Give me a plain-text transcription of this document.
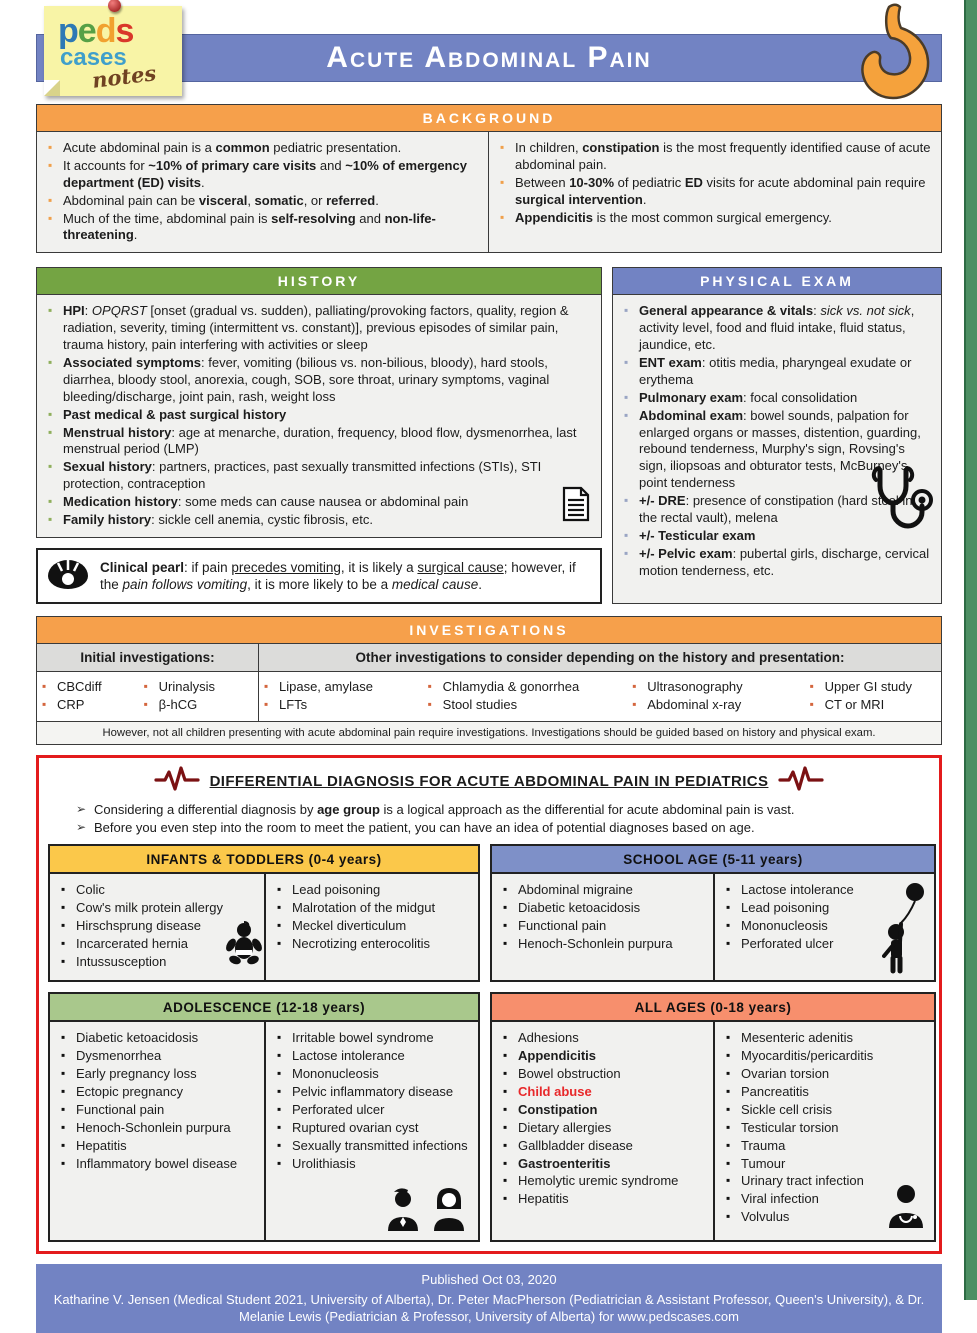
Acute Abdominal Pain
peds
cases
notes
BACKGROUND
▪ Acute abdominal pain is a common pediatric presentation.
▪ It accounts for ~10% of primary care visits and ~10% of emergency department (ED) visits.
▪ Abdominal pain can be visceral, somatic, or referred.
▪ Much of the time, abdominal pain is self-resolving and non-life-threatening.
▪ In children, constipation is the most frequently identified cause of acute abdominal pain.
▪ Between 10-30% of pediatric ED visits for acute abdominal pain require surgical intervention.
▪ Appendicitis is the most common surgical emergency.
HISTORY
▪ HPI: OPQRST [onset (gradual vs. sudden), palliating/provoking factors, quality, region & radiation, severity, timing (intermittent vs. constant)], previous episodes of similar pain, trauma history, pain interfering with activities or sleep
▪ Associated symptoms: fever, vomiting (bilious vs. non-bilious, bloody), hard stools, diarrhea, bloody stool, anorexia, cough, SOB, sore throat, urinary symptoms, vaginal bleeding/discharge, joint pain, rash, weight loss
▪ Past medical & past surgical history
▪ Menstrual history: age at menarche, duration, frequency, blood flow, dysmenorrhea, last menstrual period (LMP)
▪ Sexual history: partners, practices, past sexually transmitted infections (STIs), STI protection, contraception
▪ Medication history: some meds can cause nausea or abdominal pain
▪ Family history: sickle cell anemia, cystic fibrosis, etc.
Clinical pearl: if pain precedes vomiting, it is likely a surgical cause; however, if the pain follows vomiting, it is more likely to be a medical cause.
PHYSICAL EXAM
▪ General appearance & vitals: sick vs. not sick, activity level, food and fluid intake, fluid status, jaundice, etc.
▪ ENT exam: otitis media, pharyngeal exudate or erythema
▪ Pulmonary exam: focal consolidation
▪ Abdominal exam: bowel sounds, palpation for enlarged organs or masses, distention, guarding, rebound tenderness, Murphy's sign, Rovsing's sign, iliopsoas and obturator tests, McBurney's point tenderness
▪ +/- DRE: presence of constipation (hard stool in the rectal vault), melena
▪ +/- Testicular exam
▪ +/- Pelvic exam: pubertal girls, discharge, cervical motion tenderness, etc.
INVESTIGATIONS
Initial investigations:	Other investigations to consider depending on the history and presentation:
▪ CBCdiff
▪ CRP
▪ Urinalysis
▪ β-hCG
▪ Lipase, amylase
▪ LFTs
▪ Chlamydia & gonorrhea
▪ Stool studies
▪ Ultrasonography
▪ Abdominal x-ray
▪ Upper GI study
▪ CT or MRI
However, not all children presenting with acute abdominal pain require investigations. Investigations should be guided based on history and physical exam.
DIFFERENTIAL DIAGNOSIS FOR ACUTE ABDOMINAL PAIN IN PEDIATRICS
➢ Considering a differential diagnosis by age group is a logical approach as the differential for acute abdominal pain is vast.
➢ Before you even step into the room to meet the patient, you can have an idea of potential diagnoses based on age.
INFANTS & TODDLERS (0-4 years)
▪ Colic
▪ Cow's milk protein allergy
▪ Hirschsprung disease
▪ Incarcerated hernia
▪ Intussusception
▪ Lead poisoning
▪ Malrotation of the midgut
▪ Meckel diverticulum
▪ Necrotizing enterocolitis
SCHOOL AGE (5-11 years)
▪ Abdominal migraine
▪ Diabetic ketoacidosis
▪ Functional pain
▪ Henoch-Schonlein purpura
▪ Lactose intolerance
▪ Lead poisoning
▪ Mononucleosis
▪ Perforated ulcer
ADOLESCENCE (12-18 years)
▪ Diabetic ketoacidosis
▪ Dysmenorrhea
▪ Early pregnancy loss
▪ Ectopic pregnancy
▪ Functional pain
▪ Henoch-Schonlein purpura
▪ Hepatitis
▪ Inflammatory bowel disease
▪ Irritable bowel syndrome
▪ Lactose intolerance
▪ Mononucleosis
▪ Pelvic inflammatory disease
▪ Perforated ulcer
▪ Ruptured ovarian cyst
▪ Sexually transmitted infections
▪ Urolithiasis
ALL AGES (0-18 years)
▪ Adhesions
▪ Appendicitis
▪ Bowel obstruction
▪ Child abuse
▪ Constipation
▪ Dietary allergies
▪ Gallbladder disease
▪ Gastroenteritis
▪ Hemolytic uremic syndrome
▪ Hepatitis
▪ Mesenteric adenitis
▪ Myocarditis/pericarditis
▪ Ovarian torsion
▪ Pancreatitis
▪ Sickle cell crisis
▪ Testicular torsion
▪ Trauma
▪ Tumour
▪ Urinary tract infection
▪ Viral infection
▪ Volvulus
Published Oct 03, 2020
Katharine V. Jensen (Medical Student 2021, University of Alberta), Dr. Peter MacPherson (Pediatrician & Assistant Professor, Queen's University), & Dr. Melanie Lewis (Pediatrician & Professor, University of Alberta) for www.pedscases.com
